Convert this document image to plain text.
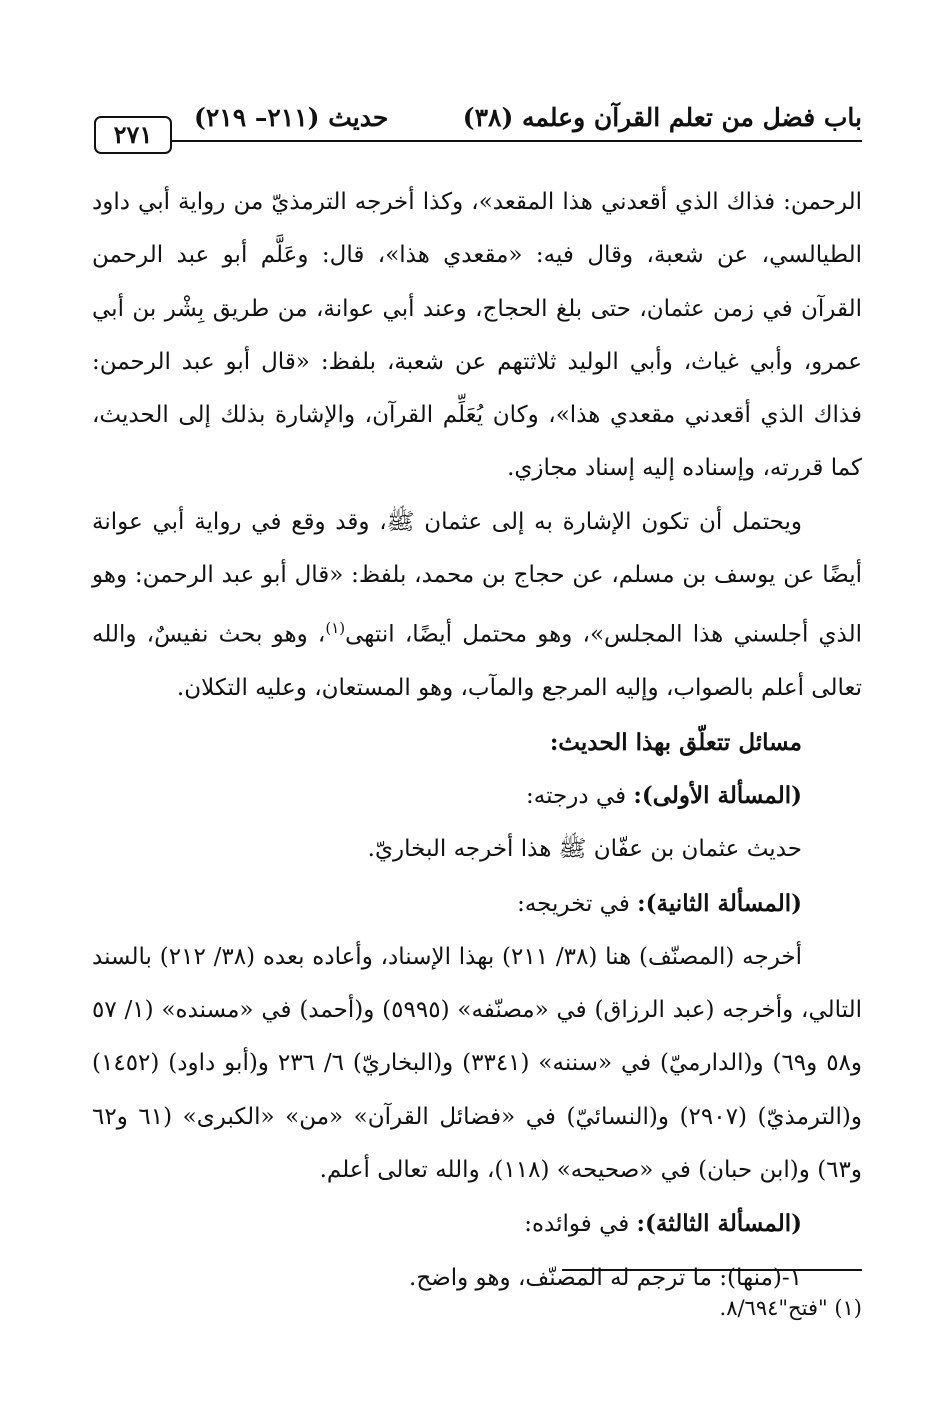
٢٧١
حديث (٢١١– ٢١٩)	(٣٨) باب فضل من تعلم القرآن وعلمه

الرحمن: فذاك الذي أقعدني هذا المقعد»، وكذا أخرجه الترمذيّ من رواية أبي داود الطيالسي، عن شعبة، وقال فيه: «مقعدي هذا»، قال: وعَلَّم أبو عبد الرحمن القرآن في زمن عثمان، حتى بلغ الحجاج، وعند أبي عوانة، من طريق بِشْر بن أبي عمرو، وأبي غياث، وأبي الوليد ثلاثتهم عن شعبة، بلفظ: «قال أبو عبد الرحمن: فذاك الذي أقعدني مقعدي هذا»، وكان يُعَلِّم القرآن، والإشارة بذلك إلى الحديث، كما قررته، وإسناده إليه إسناد مجازي.

ويحتمل أن تكون الإشارة به إلى عثمان ﷺ، وقد وقع في رواية أبي عوانة أيضًا عن يوسف بن مسلم، عن حجاج بن محمد، بلفظ: «قال أبو عبد الرحمن: وهو الذي أجلسني هذا المجلس»، وهو محتمل أيضًا، انتهى$^{(١)}$، وهو بحث نفيسٌ، والله تعالى أعلم بالصواب، وإليه المرجع والمآب، وهو المستعان، وعليه التكلان.

مسائل تتعلّق بهذا الحديث:

(المسألة الأولى): في درجته:

حديث عثمان بن عفّان ﷺ هذا أخرجه البخاريّ.

(المسألة الثانية): في تخريجه:

أخرجه (المصنّف) هنا (٣٨/ ٢١١) بهذا الإسناد، وأعاده بعده (٣٨/ ٢١٢) بالسند التالي، وأخرجه (عبد الرزاق) في «مصنّفه» (٥٩٩٥) و(أحمد) في «مسنده» (١/ ٥٧ و٥٨ و٦٩) و(الدارميّ) في «سننه» (٣٣٤١) و(البخاريّ) ٦/ ٢٣٦ و(أبو داود) (١٤٥٢) و(الترمذيّ) (٢٩٠٧) و(النسائيّ) في «فضائل القرآن» «من» «الكبرى» (٦١ و٦٢ و٦٣) و(ابن حبان) في «صحيحه» (١١٨)، والله تعالى أعلم.

(المسألة الثالثة): في فوائده:

١-(منها): ما ترجم له المصنّف، وهو واضح.

(١) "فتح"٨/٦٩٤.
